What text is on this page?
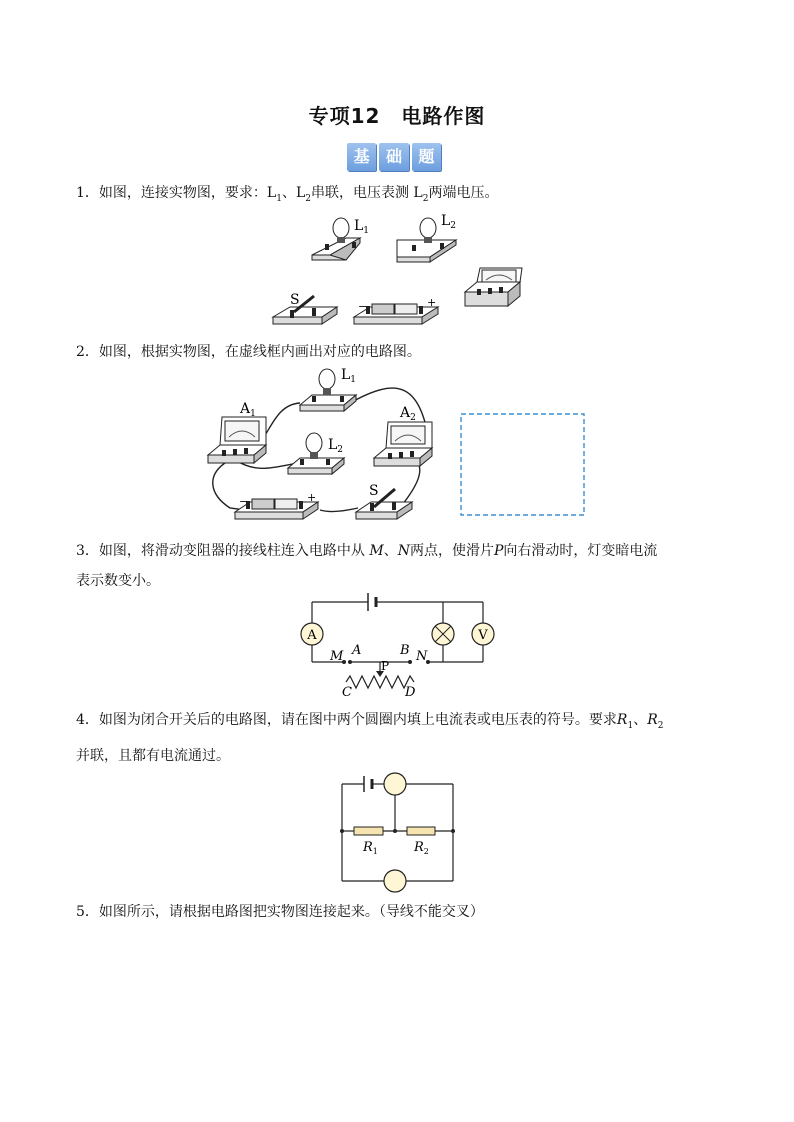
专项12　电路作图
基	础	题
1．如图，连接实物图，要求：$L_1$、$L_2$串联，电压表测 $L_2$两端电压。
$L_1$
$L_2$
S	−	+
2．如图，根据实物图，在虚线框内画出对应的电路图。
$L_1$
$L_2$
$A_1$	$A_2$
−	+	S
3．如图，将滑动变阻器的接线柱连入电路中从 M、N两点，使滑片P向右滑动时，灯变暗电流
表示数变小。
A	V
M A	B N
P
C	D
4．如图为闭合开关后的电路图，请在图中两个圆圈内填上电流表或电压表的符号。要求$R_1$、$R_2$
并联，且都有电流通过。
$R_1$	$R_2$
5．如图所示，请根据电路图把实物图连接起来。（导线不能交叉）
